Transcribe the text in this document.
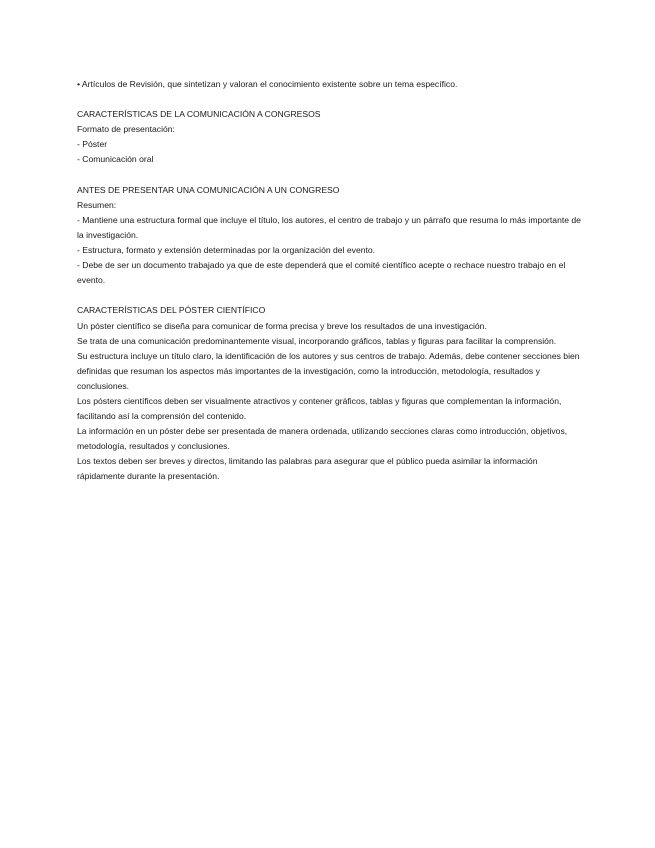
• Artículos de Revisión, que sintetizan y valoran el conocimiento existente sobre un tema específico.
CARACTERÍSTICAS DE LA COMUNICACIÓN A CONGRESOS
Formato de presentación:
- Póster
- Comunicación oral
ANTES DE PRESENTAR UNA COMUNICACIÓN A UN CONGRESO
Resumen:
- Mantiene una estructura formal que incluye el título, los autores, el centro de trabajo y un párrafo que resuma lo más importante de la investigación.
- Estructura, formato y extensión determinadas por la organización del evento.
- Debe de ser un documento trabajado ya que de este dependerá que el comité científico acepte o rechace nuestro trabajo en el evento.
CARACTERÍSTICAS DEL PÓSTER CIENTÍFICO
Un póster científico se diseña para comunicar de forma precisa y breve los resultados de una investigación.
Se trata de una comunicación predominantemente visual, incorporando gráficos, tablas y figuras para facilitar la comprensión.
Su estructura incluye un título claro, la identificación de los autores y sus centros de trabajo. Además, debe contener secciones bien definidas que resuman los aspectos más importantes de la investigación, como la introducción, metodología, resultados y conclusiones.
Los pósters científicos deben ser visualmente atractivos y contener gráficos, tablas y figuras que complementan la información, facilitando así la comprensión del contenido.
La información en un póster debe ser presentada de manera ordenada, utilizando secciones claras como introducción, objetivos, metodología, resultados y conclusiones.
Los textos deben ser breves y directos, limitando las palabras para asegurar que el público pueda asimilar la información rápidamente durante la presentación.
